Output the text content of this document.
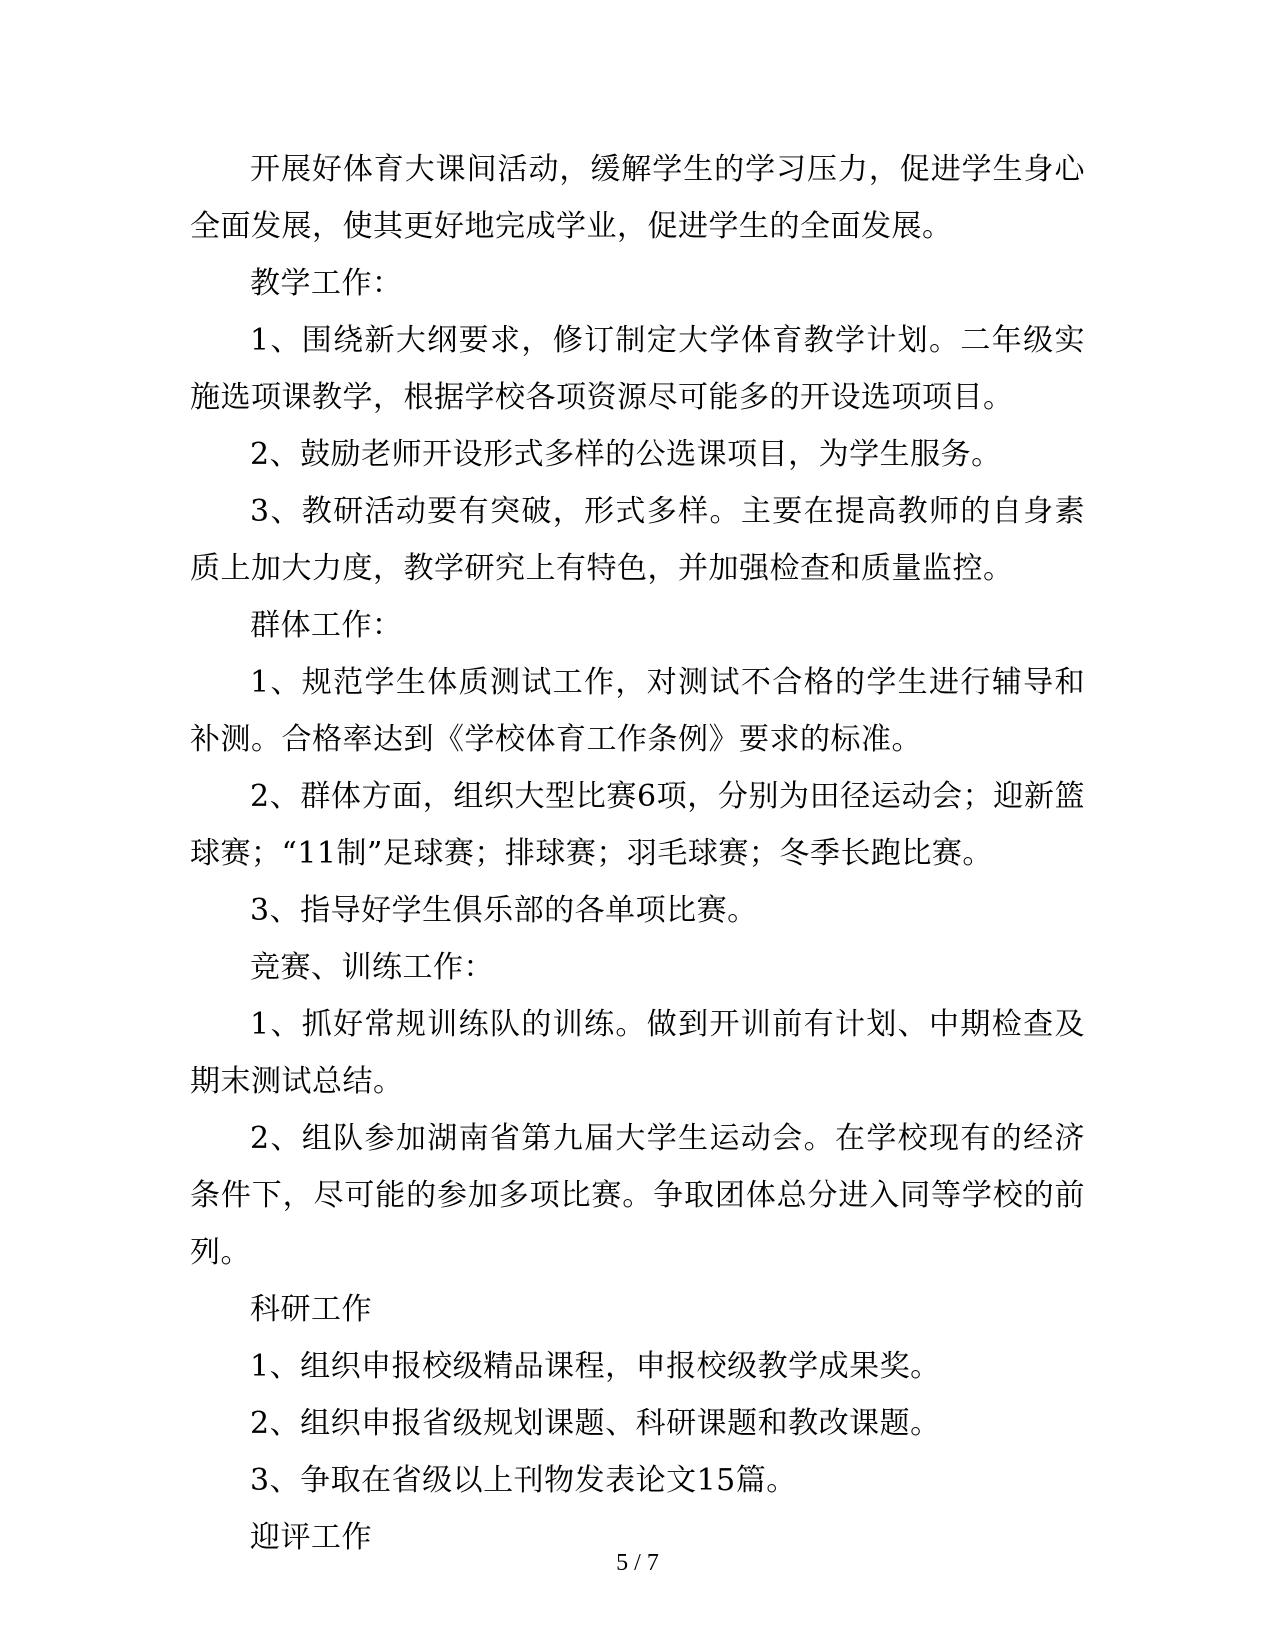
开展好体育大课间活动，缓解学生的学习压力，促进学生身心全面发展，使其更好地完成学业，促进学生的全面发展。

教学工作：

1、围绕新大纲要求，修订制定大学体育教学计划。二年级实施选项课教学，根据学校各项资源尽可能多的开设选项项目。

2、鼓励老师开设形式多样的公选课项目，为学生服务。

3、教研活动要有突破，形式多样。主要在提高教师的自身素质上加大力度，教学研究上有特色，并加强检查和质量监控。

群体工作：

1、规范学生体质测试工作，对测试不合格的学生进行辅导和补测。合格率达到《学校体育工作条例》要求的标准。

2、群体方面，组织大型比赛6项，分别为田径运动会；迎新篮球赛；“11制”足球赛；排球赛；羽毛球赛；冬季长跑比赛。

3、指导好学生俱乐部的各单项比赛。

竞赛、训练工作：

1、抓好常规训练队的训练。做到开训前有计划、中期检查及期末测试总结。

2、组队参加湖南省第九届大学生运动会。在学校现有的经济条件下，尽可能的参加多项比赛。争取团体总分进入同等学校的前列。

科研工作

1、组织申报校级精品课程，申报校级教学成果奖。

2、组织申报省级规划课题、科研课题和教改课题。

3、争取在省级以上刊物发表论文15篇。

迎评工作

5 / 7
